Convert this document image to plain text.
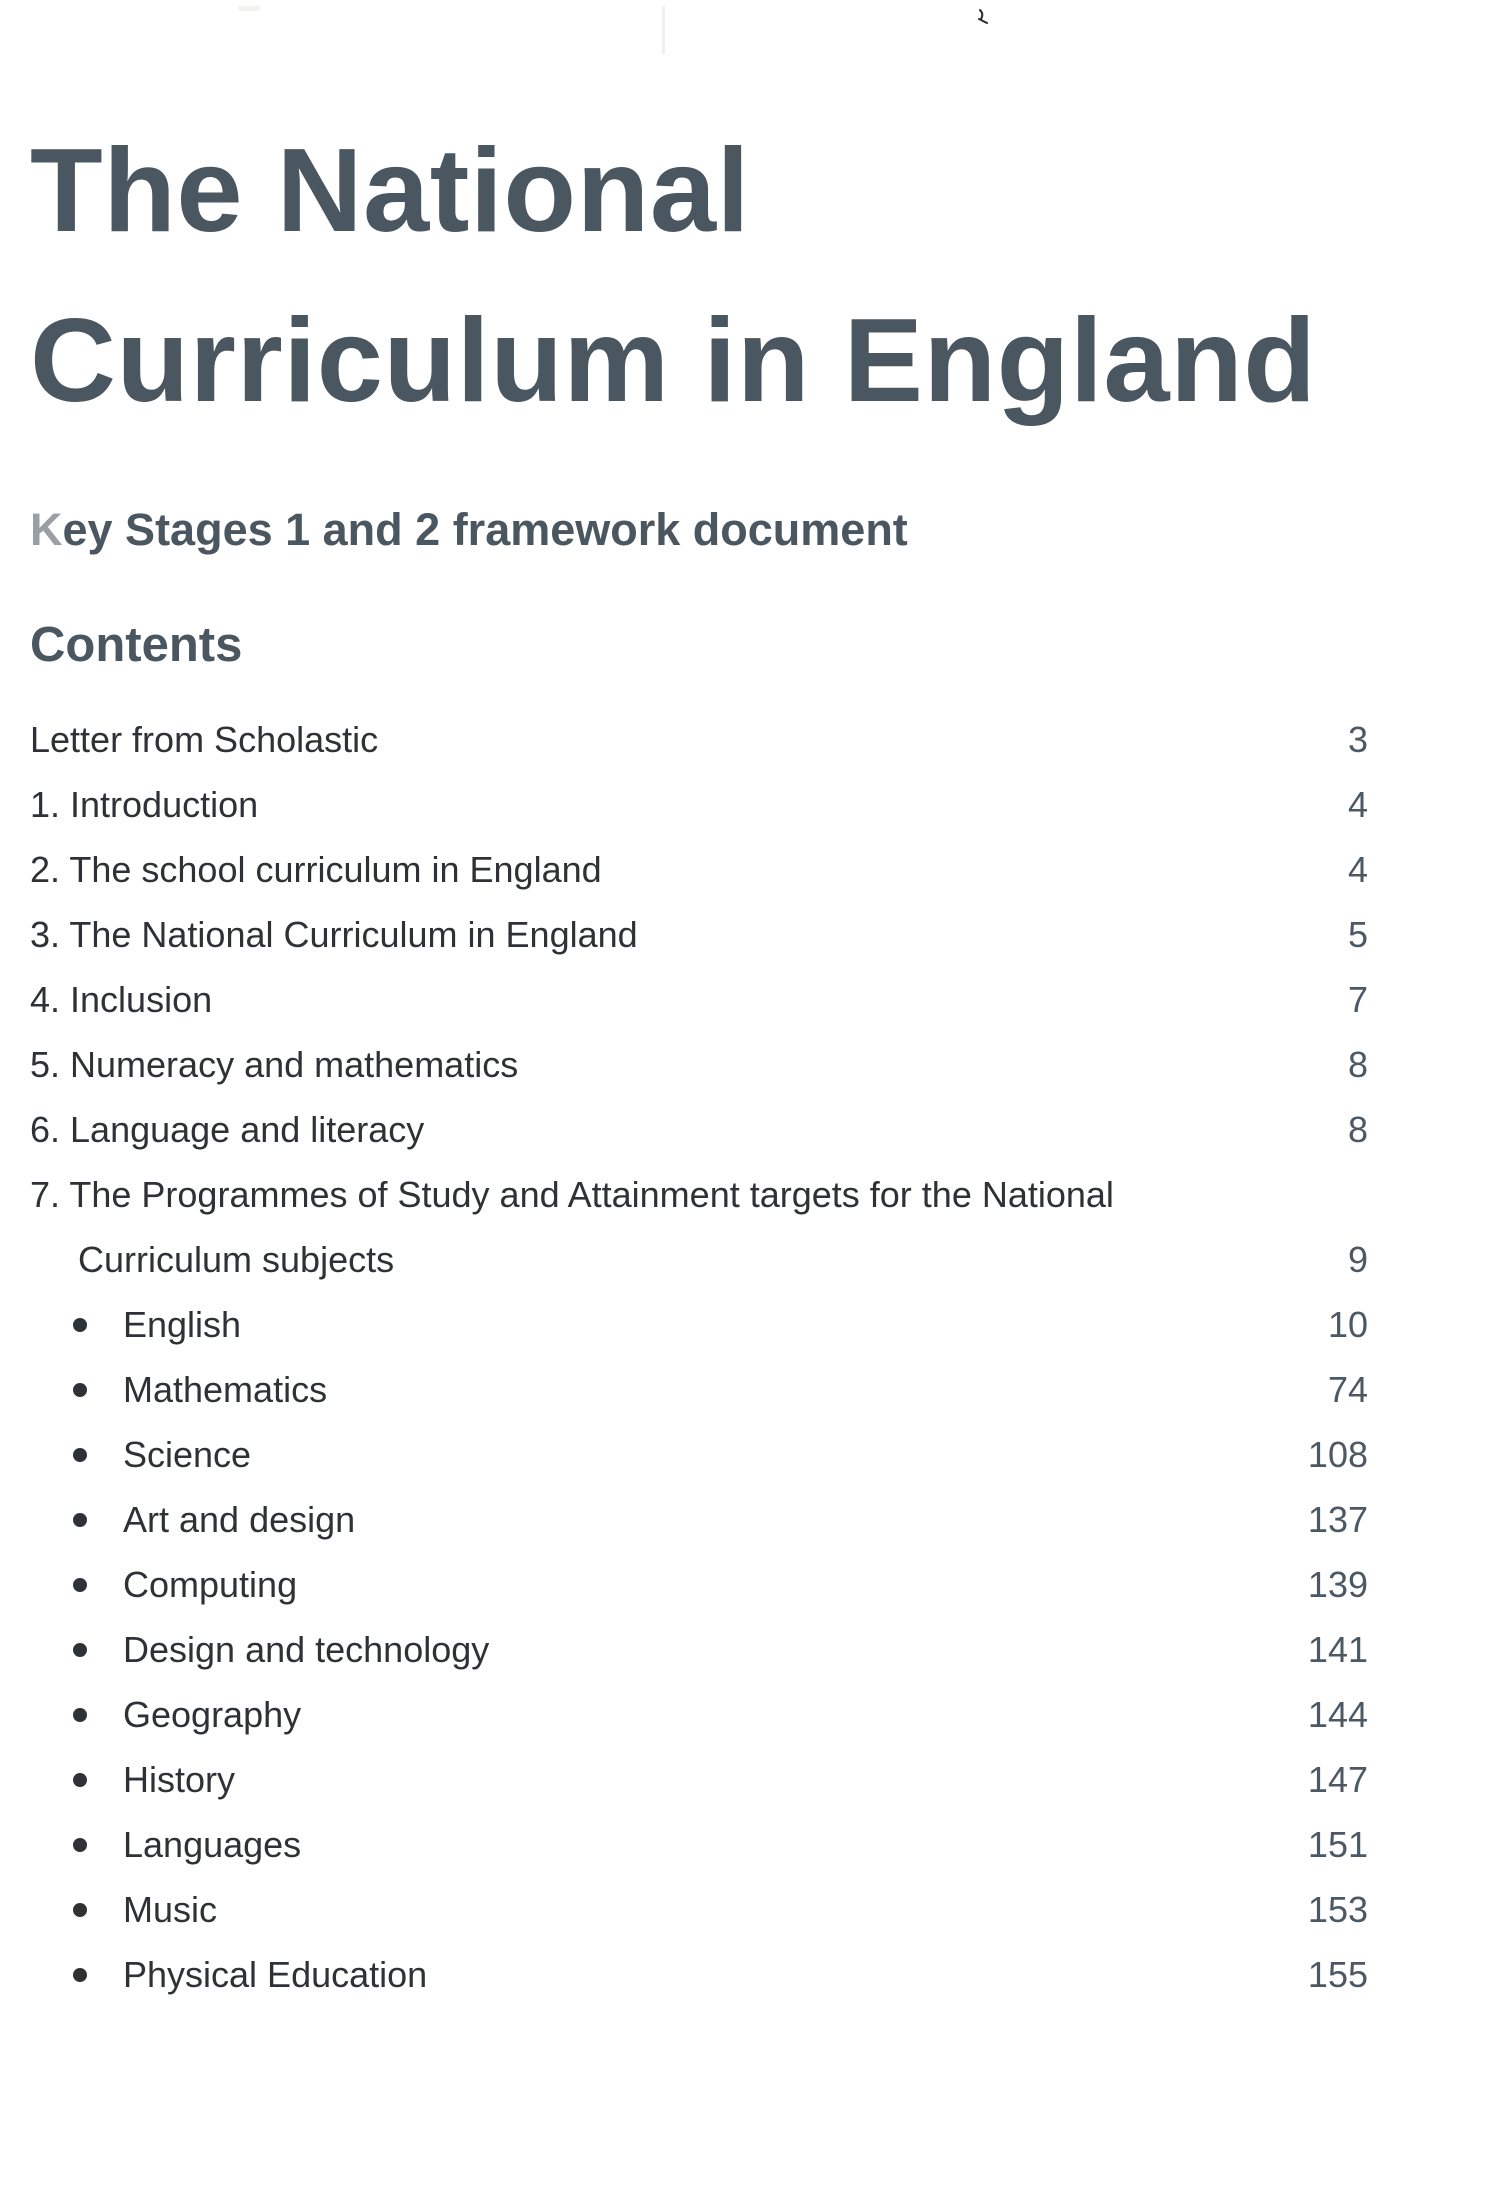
The National
Curriculum in England
Key Stages 1 and 2 framework document
Contents
Letter from Scholastic	3
1. Introduction	4
2. The school curriculum in England	4
3. The National Curriculum in England	5
4. Inclusion	7
5. Numeracy and mathematics	8
6. Language and literacy	8
7. The Programmes of Study and Attainment targets for the National
Curriculum subjects	9
English	10
Mathematics	74
Science	108
Art and design	137
Computing	139
Design and technology	141
Geography	144
History	147
Languages	151
Music	153
Physical Education	155
